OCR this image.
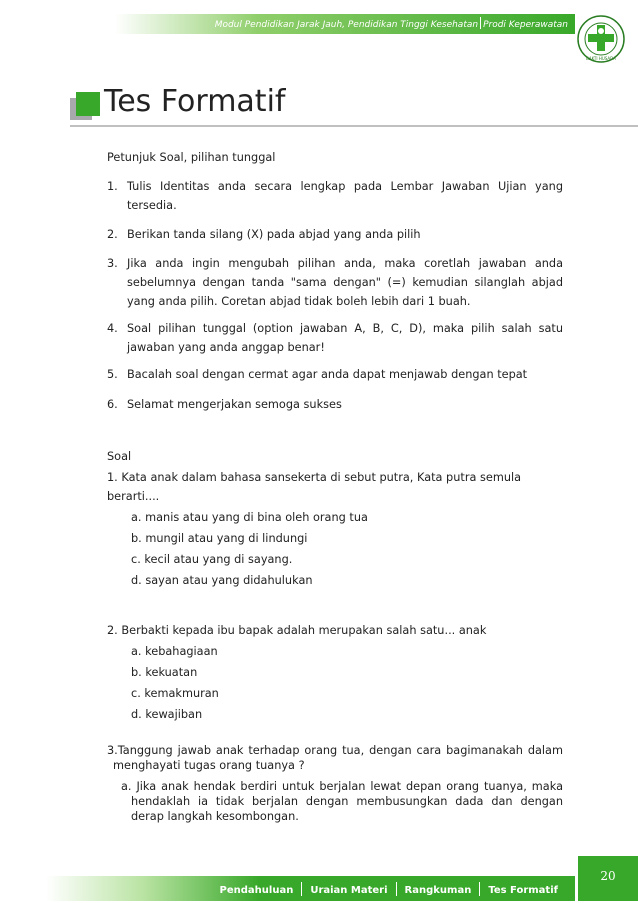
Modul Pendidikan Jarak Jauh, Pendidikan Tinggi Kesehatan Prodi Keperawatan
BAKTI HUSADA
Tes Formatif

Petunjuk Soal, pilihan tunggal

1. Tulis Identitas anda secara lengkap pada Lembar Jawaban Ujian yang tersedia.
2. Berikan tanda silang (X) pada abjad yang anda pilih
3. Jika anda ingin mengubah pilihan anda, maka coretlah jawaban anda sebelumnya dengan tanda "sama dengan" (=) kemudian silanglah abjad yang anda pilih. Coretan abjad tidak boleh lebih dari 1 buah.
4. Soal pilihan tunggal (option jawaban A, B, C, D), maka pilih salah satu jawaban yang anda anggap benar!
5. Bacalah soal dengan cermat agar anda dapat menjawab dengan tepat
6. Selamat mengerjakan semoga sukses

Soal

1. Kata anak dalam bahasa sansekerta di sebut putra, Kata putra semula berarti....

a. manis atau yang di bina oleh orang tua

b. mungil atau yang di lindungi

c. kecil atau yang di sayang.

d. sayan atau yang didahulukan

2. Berbakti kepada ibu bapak adalah merupakan salah satu... anak

a. kebahagiaan

b. kekuatan

c. kemakmuran

d. kewajiban

3.Tanggung jawab anak terhadap orang tua, dengan cara bagimanakah dalam menghayati tugas orang tuanya ?

a. Jika anak hendak berdiri untuk berjalan lewat depan orang tuanya, maka hendaklah ia tidak berjalan dengan membusungkan dada dan dengan derap langkah kesombongan.

Pendahuluan Uraian Materi Rangkuman Tes Formatif
20
